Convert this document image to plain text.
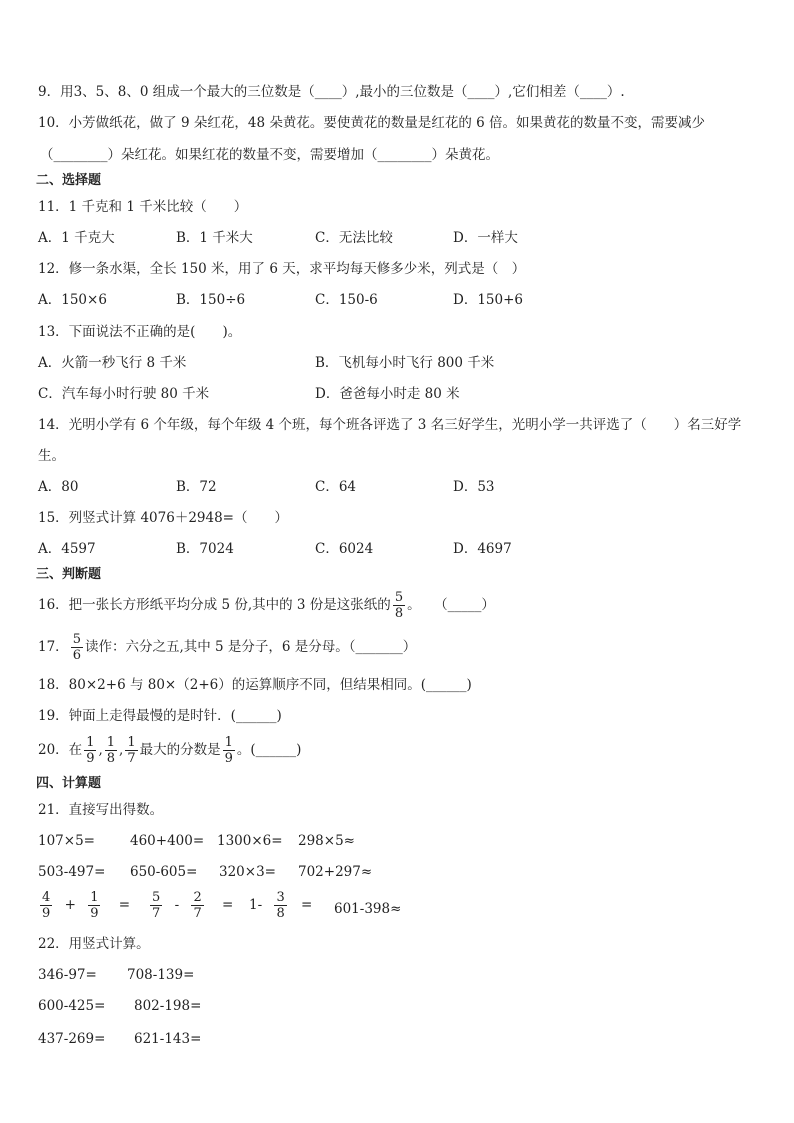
9．用3、5、8、0 组成一个最大的三位数是（____）,最小的三位数是（____）,它们相差（____）.
10．小芳做纸花，做了 9 朵红花，48 朵黄花。要使黄花的数量是红花的 6 倍。如果黄花的数量不变，需要减少
（________）朵红花。如果红花的数量不变，需要增加（________）朵黄花。
二、选择题
11．1 千克和 1 千米比较（　　）
A．1 千克大	B．1 千米大	C．无法比较	D．一样大
12．修一条水渠，全长 150 米，用了 6 天，求平均每天修多少米，列式是（　）
A．150×6	B．150÷6	C．150-6	D．150+6
13．下面说法不正确的是(　　)。
A．火箭一秒飞行 8 千米	B．飞机每小时飞行 800 千米
C．汽车每小时行驶 80 千米	D．爸爸每小时走 80 米
14．光明小学有 6 个年级，每个年级 4 个班，每个班各评选了 3 名三好学生，光明小学一共评选了（　　）名三好学
生。
A．80	B．72	C．64	D．53
15．列竖式计算 4076＋2948=（　　）
A．4597	B．7024	C．6024	D．4697
三、判断题
16．把一张长方形纸平均分成 5 份,其中的 3 份是这张纸的 $\frac{5}{8}$ 。　　（_____）
17． $\frac{5}{6}$ 读作：六分之五,其中 5 是分子，6 是分母。（_______）
18．80×2+6 与 80×（2+6）的运算顺序不同，但结果相同。(______)
19．钟面上走得最慢的是时针．(______)
20．在 $\frac{1}{9}$ , $\frac{1}{8}$ , $\frac{1}{7}$ 最大的分数是 $\frac{1}{9}$ 。(______)
四、计算题
21．直接写出得数。
107×5=	460+400= 1300×6= 298×5≈
503-497= 650-605= 320×3= 702+297≈
$\frac{4}{9} + \frac{1}{9} = \frac{5}{7} - \frac{2}{7} = 1- \frac{3}{8} = 601-398\approx$
22．用竖式计算。
346-97= 708-139=
600-425= 802-198=
437-269= 621-143=
